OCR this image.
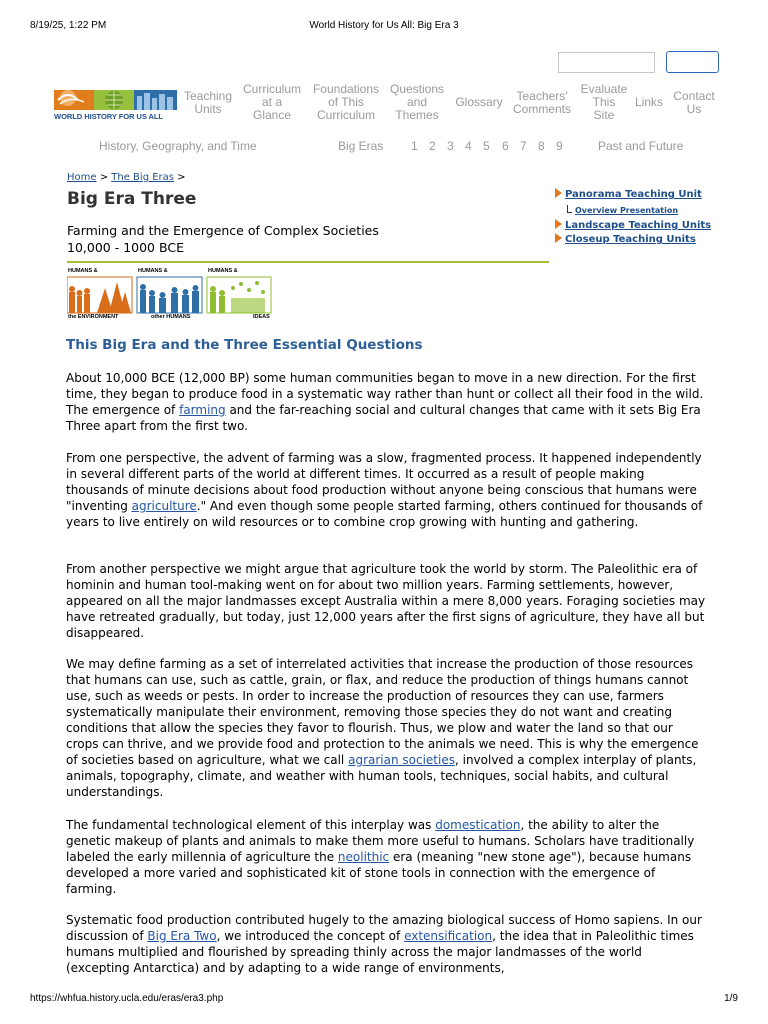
8/19/25, 1:22 PM	World History for Us All: Big Era 3
WORLD HISTORY FOR US ALL
Teaching
Units
Curriculum
at a
Glance
Foundations
of This
Curriculum
Questions
and
Themes
Glossary	Teachers'
Comments
Evaluate
This
Site
Links Contact
Us
History, Geography, and Time	Big Eras 1 2 3 4 5 6 7 8 9	Past and Future
Home > The Big Eras >
Big Era Three
Farming and the Emergence of Complex Societies
10,000 - 1000 BCE
Panorama Teaching Unit
Overview Presentation
Landscape Teaching Units
Closeup Teaching Units
HUMANS &
the ENVIRONMENT
HUMANS &
other HUMANS
HUMANS &
IDEAS
This Big Era and the Three Essential Questions

About 10,000 BCE (12,000 BP) some human communities began to move in a new direction. For the first time, they began to produce food in a systematic way rather than hunt or collect all their food in the wild. The emergence of farming and the far-reaching social and cultural changes that came with it sets Big Era Three apart from the first two.

From one perspective, the advent of farming was a slow, fragmented process. It happened independently in several different parts of the world at different times. It occurred as a result of people making thousands of minute decisions about food production without anyone being conscious that humans were "inventing agriculture." And even though some people started farming, others continued for thousands of years to live entirely on wild resources or to combine crop growing with hunting and gathering.

From another perspective we might argue that agriculture took the world by storm. The Paleolithic era of hominin and human tool-making went on for about two million years. Farming settlements, however, appeared on all the major landmasses except Australia within a mere 8,000 years. Foraging societies may have retreated gradually, but today, just 12,000 years after the first signs of agriculture, they have all but disappeared.

We may define farming as a set of interrelated activities that increase the production of those resources that humans can use, such as cattle, grain, or flax, and reduce the production of things humans cannot use, such as weeds or pests. In order to increase the production of resources they can use, farmers systematically manipulate their environment, removing those species they do not want and creating conditions that allow the species they favor to flourish. Thus, we plow and water the land so that our crops can thrive, and we provide food and protection to the animals we need. This is why the emergence of societies based on agriculture, what we call agrarian societies, involved a complex interplay of plants, animals, topography, climate, and weather with human tools, techniques, social habits, and cultural understandings.

The fundamental technological element of this interplay was domestication, the ability to alter the genetic makeup of plants and animals to make them more useful to humans. Scholars have traditionally labeled the early millennia of agriculture the neolithic era (meaning "new stone age"), because humans developed a more varied and sophisticated kit of stone tools in connection with the emergence of farming.

Systematic food production contributed hugely to the amazing biological success of Homo sapiens. In our discussion of Big Era Two, we introduced the concept of extensification, the idea that in Paleolithic times humans multiplied and flourished by spreading thinly across the major landmasses of the world (excepting Antarctica) and by adapting to a wide range of environments,

https://whfua.history.ucla.edu/eras/era3.php	1/9
